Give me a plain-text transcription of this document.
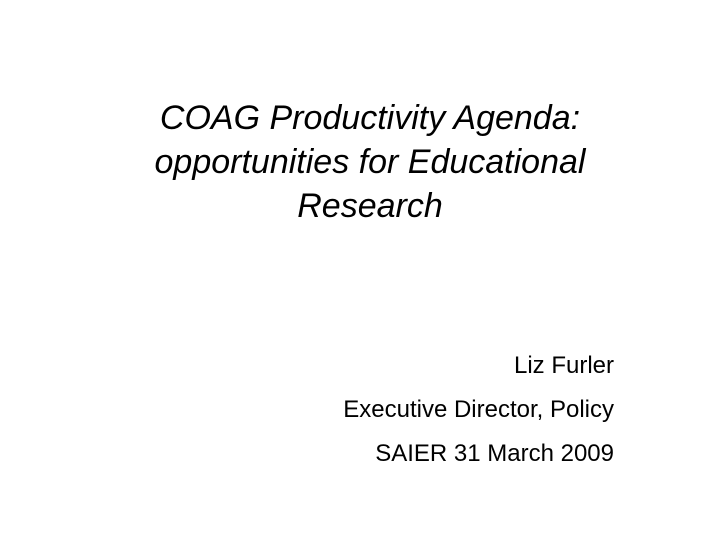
COAG Productivity Agenda:
opportunities for Educational
Research
Liz Furler
Executive Director, Policy
SAIER 31 March 2009
